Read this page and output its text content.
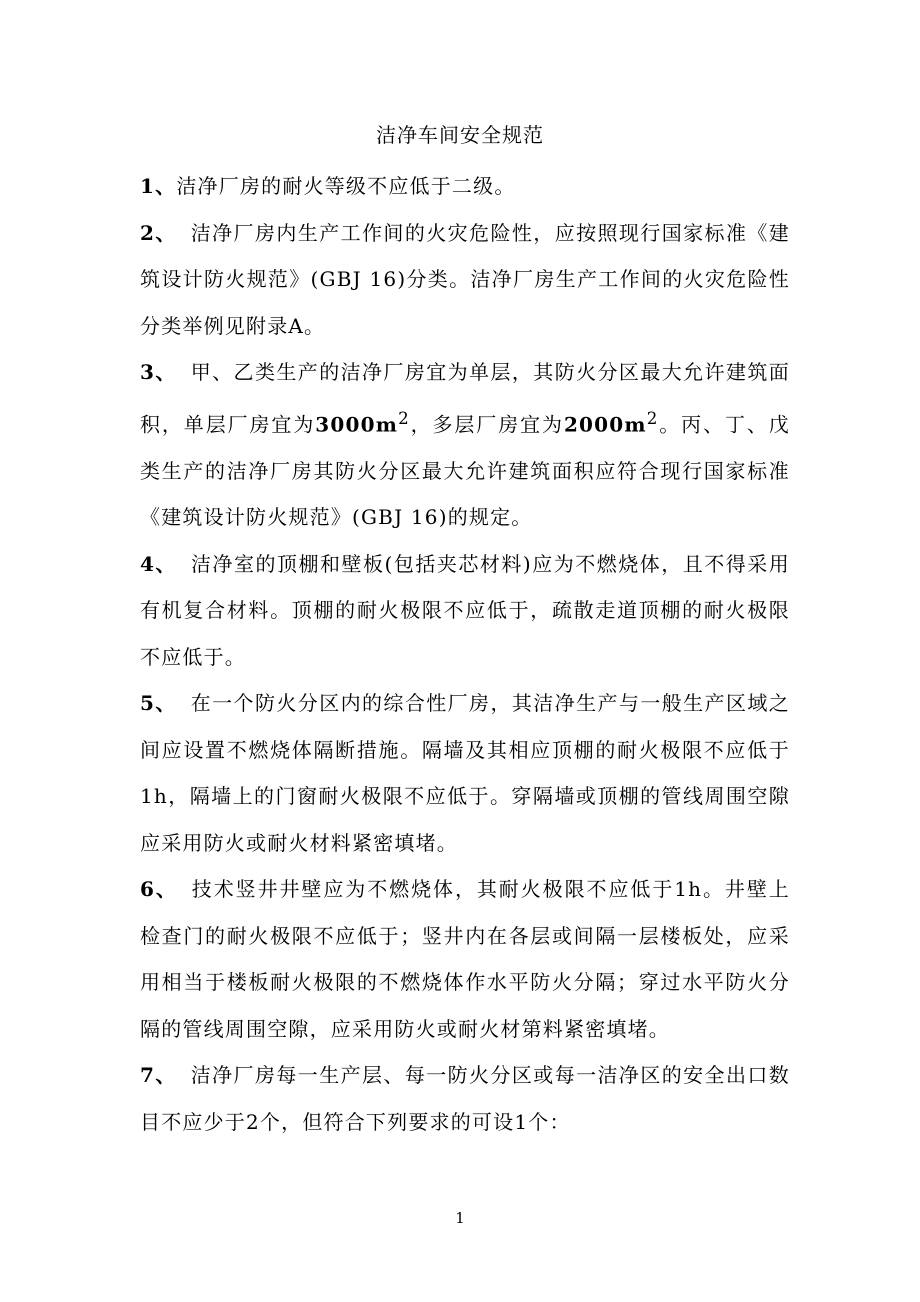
洁净车间安全规范

1、洁净厂房的耐火等级不应低于二级。

2、 洁净厂房内生产工作间的火灾危险性，应按照现行国家标准《建筑设计防火规范》(GBJ 16)分类。洁净厂房生产工作间的火灾危险性分类举例见附录A。

3、 甲、乙类生产的洁净厂房宜为单层，其防火分区最大允许建筑面积，单层厂房宜为$3000m^2$，多层厂房宜为$2000m^2$。丙、丁、戊类生产的洁净厂房其防火分区最大允许建筑面积应符合现行国家标准《建筑设计防火规范》(GBJ 16)的规定。

4、 洁净室的顶棚和壁板(包括夹芯材料)应为不燃烧体，且不得采用有机复合材料。顶棚的耐火极限不应低于，疏散走道顶棚的耐火极限不应低于。

5、 在一个防火分区内的综合性厂房，其洁净生产与一般生产区域之间应设置不燃烧体隔断措施。隔墙及其相应顶棚的耐火极限不应低于1h，隔墙上的门窗耐火极限不应低于。穿隔墙或顶棚的管线周围空隙应采用防火或耐火材料紧密填堵。

6、 技术竖井井壁应为不燃烧体，其耐火极限不应低于1h。井壁上检查门的耐火极限不应低于；竖井内在各层或间隔一层楼板处，应采用相当于楼板耐火极限的不燃烧体作水平防火分隔；穿过水平防火分隔的管线周围空隙，应采用防火或耐火材第料紧密填堵。

7、 洁净厂房每一生产层、每一防火分区或每一洁净区的安全出口数目不应少于2个，但符合下列要求的可设1个：

1
